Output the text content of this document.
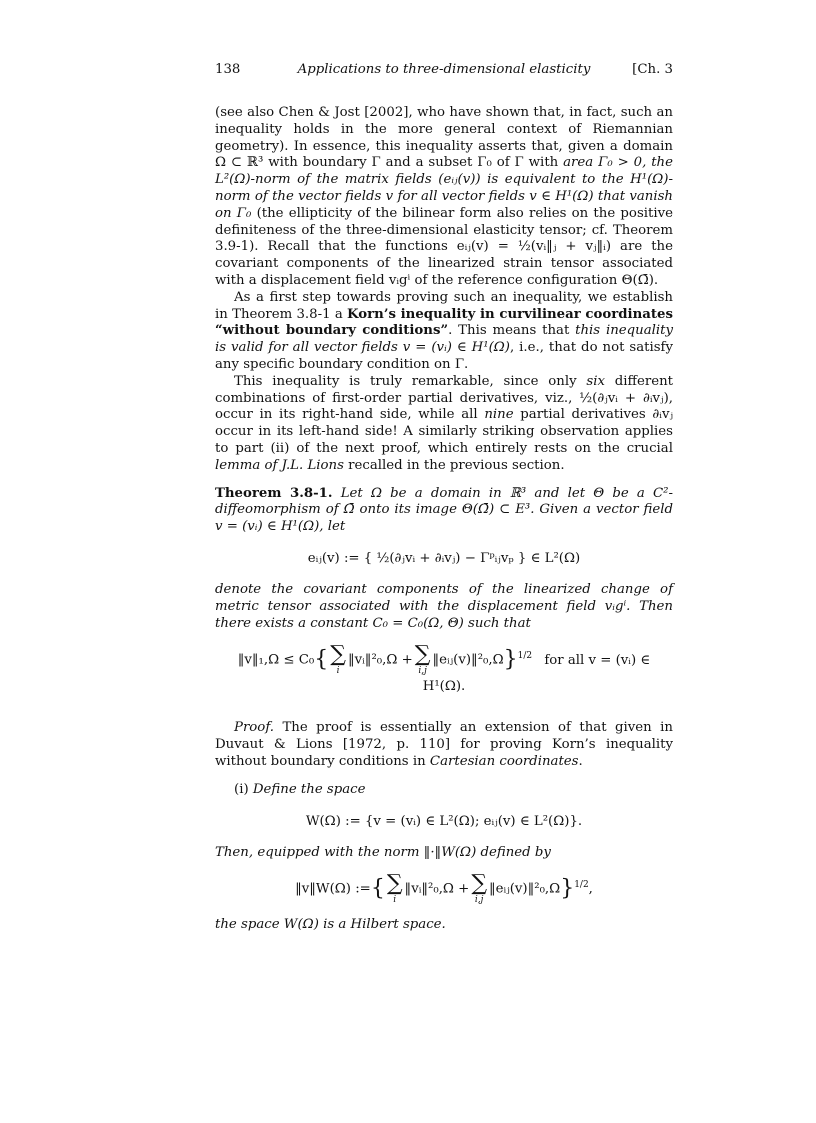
138	Applications to three-dimensional elasticity	[Ch. 3

(see also Chen & Jost [2002], who have shown that, in fact, such an inequality holds in the more general context of Riemannian geometry). In essence, this inequality asserts that, given a domain Ω ⊂ ℝ³ with boundary Γ and a subset Γ₀ of Γ with area Γ₀ > 0, the L²(Ω)-norm of the matrix fields (eᵢⱼ(v)) is equivalent to the H¹(Ω)-norm of the vector fields v for all vector fields v ∈ H¹(Ω) that vanish on Γ₀ (the ellipticity of the bilinear form also relies on the positive definiteness of the three-dimensional elasticity tensor; cf. Theorem 3.9-1). Recall that the functions eᵢⱼ(v) = ½(vᵢ‖ⱼ + vⱼ‖ᵢ) are the covariant components of the linearized strain tensor associated with a displacement field vᵢgⁱ of the reference configuration Θ(Ω̄).

As a first step towards proving such an inequality, we establish in Theorem 3.8-1 a Korn’s inequality in curvilinear coordinates “without boundary conditions”. This means that this inequality is valid for all vector fields v = (vᵢ) ∈ H¹(Ω), i.e., that do not satisfy any specific boundary condition on Γ.

This inequality is truly remarkable, since only six different combinations of first-order partial derivatives, viz., ½(∂ⱼvᵢ + ∂ᵢvⱼ), occur in its right-hand side, while all nine partial derivatives ∂ᵢvⱼ occur in its left-hand side! A similarly striking observation applies to part (ii) of the next proof, which entirely rests on the crucial lemma of J.L. Lions recalled in the previous section.

Theorem 3.8-1. Let Ω be a domain in ℝ³ and let Θ be a C²-diffeomorphism of Ω̄ onto its image Θ(Ω̄) ⊂ E³. Given a vector field v = (vᵢ) ∈ H¹(Ω), let

eᵢⱼ(v) := { ½(∂ⱼvᵢ + ∂ᵢvⱼ) − Γᵖᵢⱼvₚ } ∈ L²(Ω)

denote the covariant components of the linearized change of metric tensor associated with the displacement field vᵢgⁱ. Then there exists a constant C₀ = C₀(Ω, Θ) such that

‖v‖₁,Ω ≤ C₀{ ∑
i
‖vᵢ‖²₀,Ω + ∑
i,j
‖eᵢⱼ(v)‖²₀,Ω}$^{1/2}$ for all v = (vᵢ) ∈ H¹(Ω).

Proof. The proof is essentially an extension of that given in Duvaut & Lions [1972, p. 110] for proving Korn’s inequality without boundary conditions in Cartesian coordinates.

(i) Define the space

W(Ω) := {v = (vᵢ) ∈ L²(Ω); eᵢⱼ(v) ∈ L²(Ω)}.

Then, equipped with the norm ‖·‖W(Ω) defined by

‖v‖W(Ω) :={ ∑
i
‖vᵢ‖²₀,Ω + ∑
i,j
‖eᵢⱼ(v)‖²₀,Ω}$^{1/2}$,

the space W(Ω) is a Hilbert space.
